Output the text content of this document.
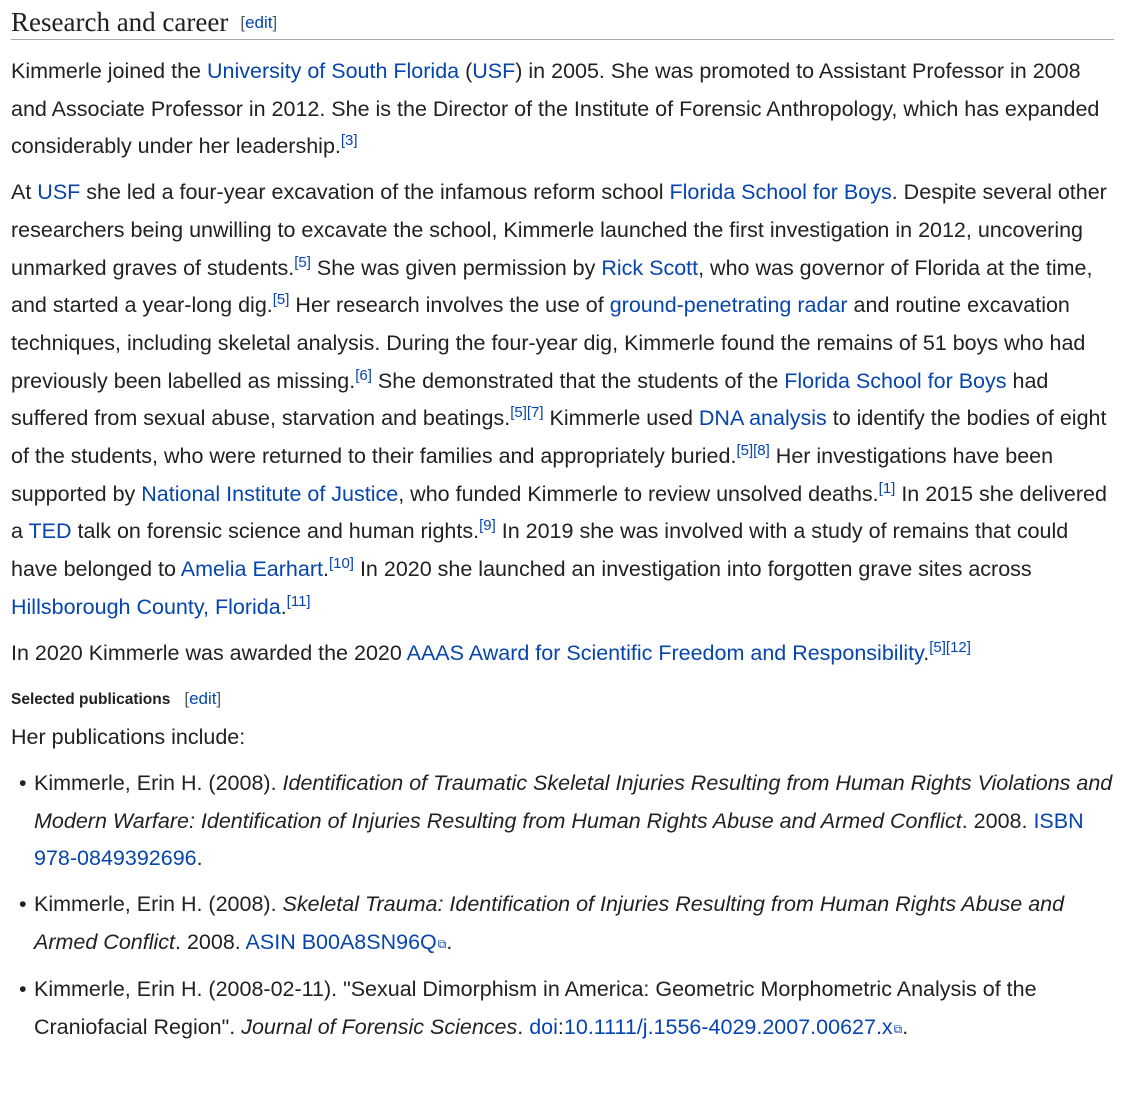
Research and career [edit]

Kimmerle joined the University of South Florida (USF) in 2005. She was promoted to Assistant Professor in 2008 and Associate Professor in 2012. She is the Director of the Institute of Forensic Anthropology, which has expanded considerably under her leadership.[3]

At USF she led a four-year excavation of the infamous reform school Florida School for Boys. Despite several other researchers being unwilling to excavate the school, Kimmerle launched the first investigation in 2012, uncovering unmarked graves of students.[5] She was given permission by Rick Scott, who was governor of Florida at the time, and started a year-long dig.[5] Her research involves the use of ground-penetrating radar and routine excavation techniques, including skeletal analysis. During the four-year dig, Kimmerle found the remains of 51 boys who had previously been labelled as missing.[6] She demonstrated that the students of the Florida School for Boys had suffered from sexual abuse, starvation and beatings.[5][7] Kimmerle used DNA analysis to identify the bodies of eight of the students, who were returned to their families and appropriately buried.[5][8] Her investigations have been supported by National Institute of Justice, who funded Kimmerle to review unsolved deaths.[1] In 2015 she delivered a TED talk on forensic science and human rights.[9] In 2019 she was involved with a study of remains that could have belonged to Amelia Earhart.[10] In 2020 she launched an investigation into forgotten grave sites across Hillsborough County, Florida.[11]

In 2020 Kimmerle was awarded the 2020 AAAS Award for Scientific Freedom and Responsibility.[5][12]

Selected publications [edit]

Her publications include:

• Kimmerle, Erin H. (2008). Identification of Traumatic Skeletal Injuries Resulting from Human Rights Violations and Modern Warfare: Identification of Injuries Resulting from Human Rights Abuse and Armed Conflict. 2008. ISBN 978-0849392696.
• Kimmerle, Erin H. (2008). Skeletal Trauma: Identification of Injuries Resulting from Human Rights Abuse and Armed Conflict. 2008. ASIN B00A8SN96Q⧉.
• Kimmerle, Erin H. (2008-02-11). "Sexual Dimorphism in America: Geometric Morphometric Analysis of the Craniofacial Region". Journal of Forensic Sciences. doi:10.1111/j.1556-4029.2007.00627.x⧉.
